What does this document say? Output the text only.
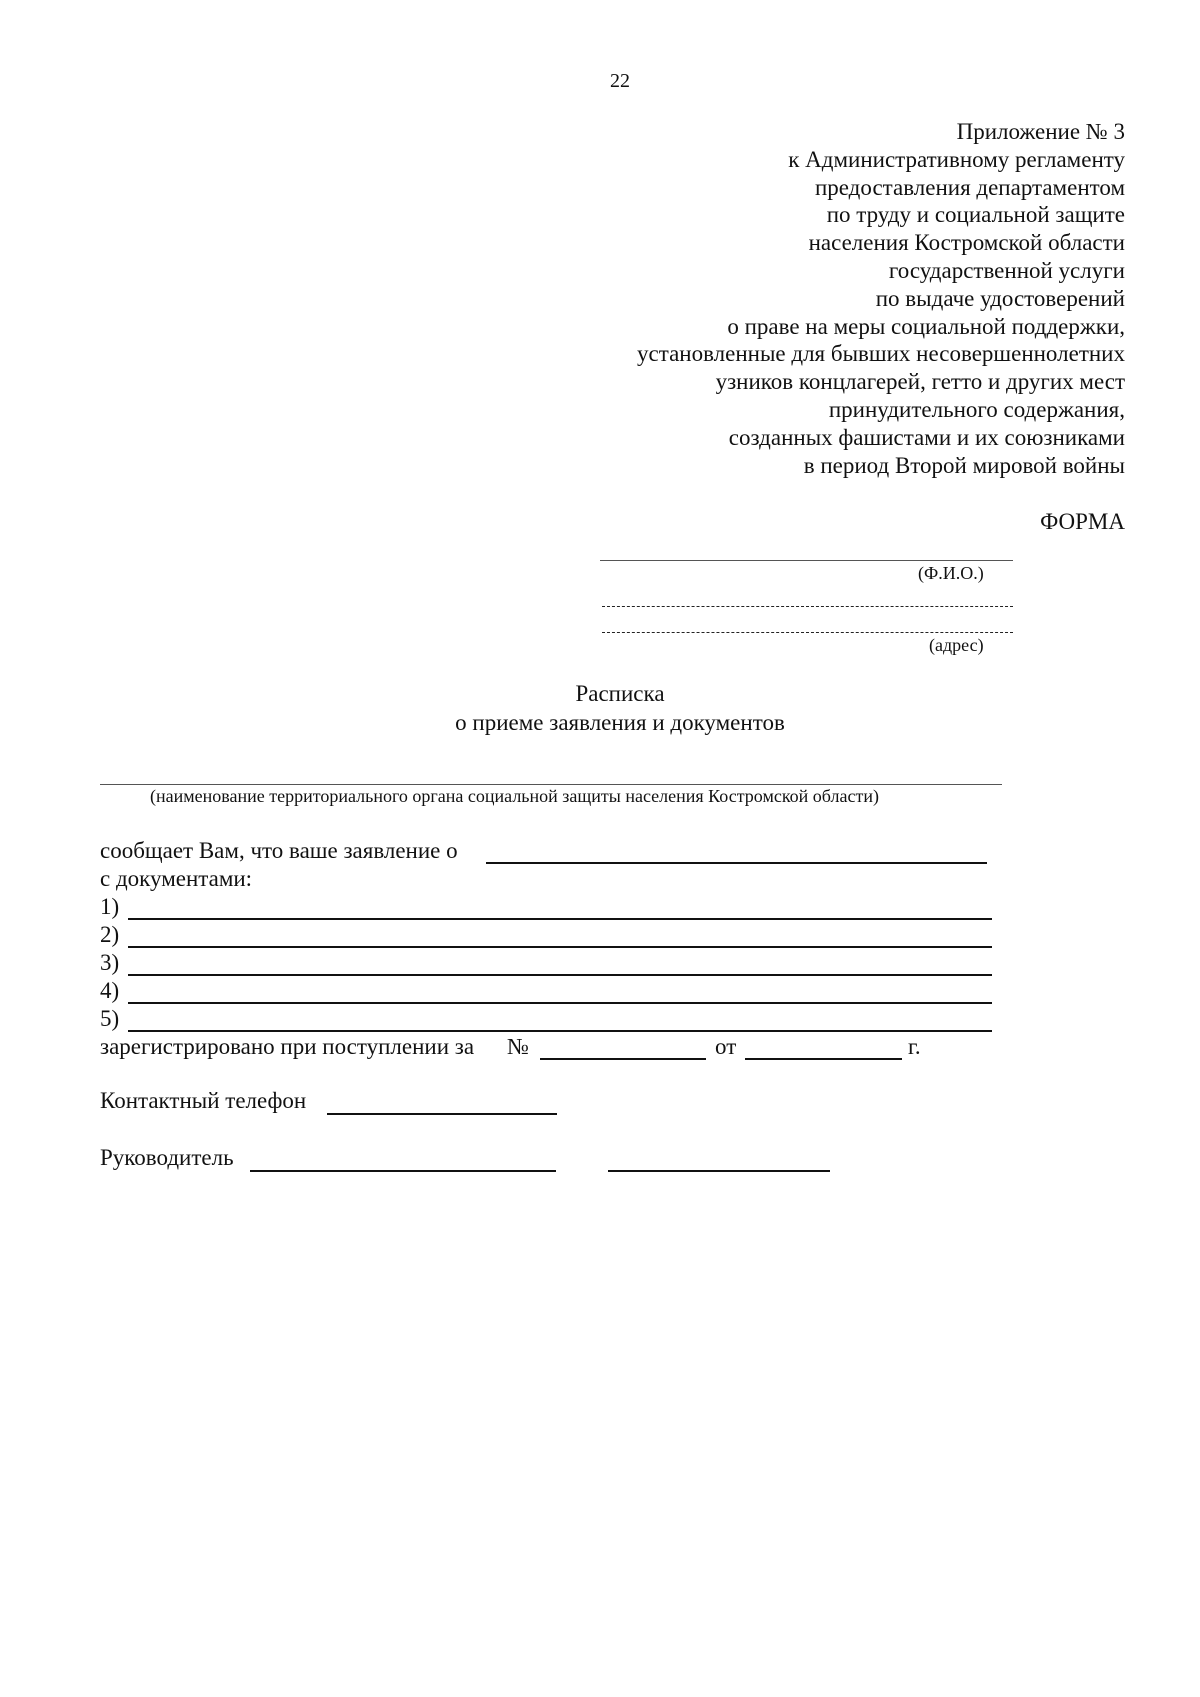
22
Приложение № 3
к Административному регламенту
предоставления департаментом
по труду и социальной защите
населения Костромской области
государственной услуги
по выдаче удостоверений
о праве на меры социальной поддержки,
установленные для бывших несовершеннолетних
узников концлагерей, гетто и других мест
принудительного содержания,
созданных фашистами и их союзниками
в период Второй мировой войны
ФОРМА
(Ф.И.О.)
(адрес)
Расписка
о приеме заявления и документов
(наименование территориального органа социальной защиты населения Костромской области)
сообщает Вам, что ваше заявление о
с документами:
1)
2)
3)
4)
5)
зарегистрировано при поступлении за №	от	г.
Контактный телефон
Руководитель
